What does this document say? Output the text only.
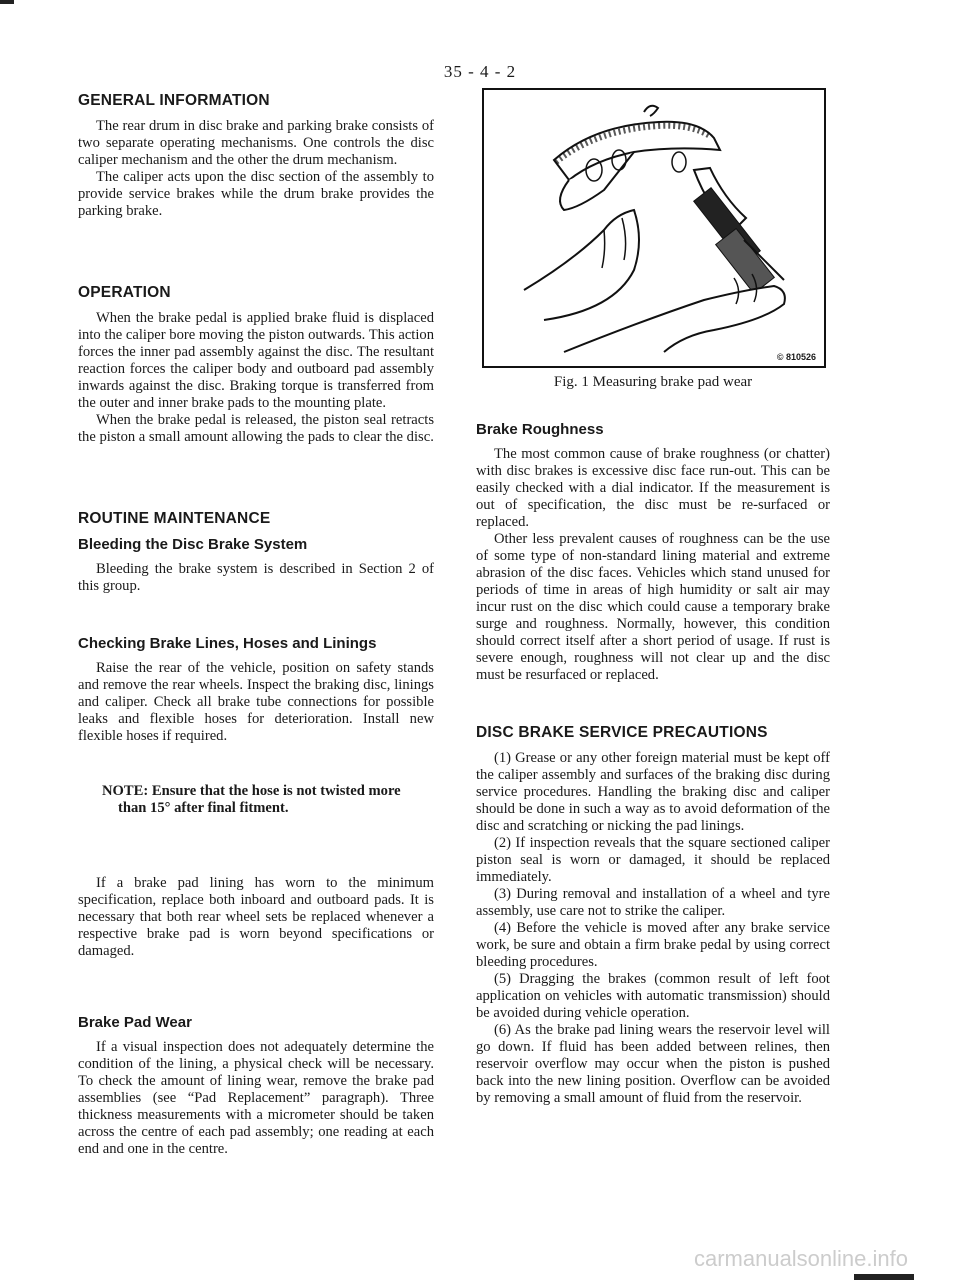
35 - 4 - 2
GENERAL INFORMATION

The rear drum in disc brake and parking brake consists of two separate operating mechanisms. One controls the disc caliper mechanism and the other the drum mechanism.

The caliper acts upon the disc section of the assembly to provide service brakes while the drum brake provides the parking brake.

OPERATION

When the brake pedal is applied brake fluid is displaced into the caliper bore moving the piston outwards. This action forces the inner pad assembly against the disc. The resultant reaction forces the caliper body and outboard pad assembly inwards against the disc. Braking torque is transferred from the outer and inner brake pads to the mounting plate.

When the brake pedal is released, the piston seal retracts the piston a small amount allowing the pads to clear the disc.

ROUTINE MAINTENANCE
Bleeding the Disc Brake System

Bleeding the brake system is described in Section 2 of this group.

Checking Brake Lines, Hoses and Linings

Raise the rear of the vehicle, position on safety stands and remove the rear wheels. Inspect the braking disc, linings and caliper. Check all brake tube connections for possible leaks and flexible hoses for deterioration. Install new flexible hoses if required.

NOTE: Ensure that the hose is not twisted more

than 15° after final fitment.

If a brake pad lining has worn to the minimum specification, replace both inboard and outboard pads. It is necessary that both rear wheel sets be replaced whenever a respective brake pad is worn beyond specifications or damaged.

Brake Pad Wear

If a visual inspection does not adequately determine the condition of the lining, a physical check will be necessary. To check the amount of lining wear, remove the brake pad assemblies (see “Pad Replacement” paragraph). Three thickness measurements with a micrometer should be taken across the centre of each pad assembly; one reading at each end and one in the centre.

© 810526
Fig. 1 Measuring brake pad wear
Brake Roughness

The most common cause of brake roughness (or chatter) with disc brakes is excessive disc face run-out. This can be easily checked with a dial indicator. If the measurement is out of specification, the disc must be re-surfaced or replaced.

Other less prevalent causes of roughness can be the use of some type of non-standard lining material and extreme abrasion of the disc faces. Vehicles which stand unused for periods of time in areas of high humidity or salt air may incur rust on the disc which could cause a temporary brake surge and roughness. Normally, however, this condition should correct itself after a short period of usage. If rust is severe enough, roughness will not clear up and the disc must be resurfaced or replaced.

DISC BRAKE SERVICE PRECAUTIONS

(1) Grease or any other foreign material must be kept off the caliper assembly and surfaces of the braking disc during service procedures. Handling the braking disc and caliper should be done in such a way as to avoid deformation of the disc and scratching or nicking the pad linings.

(2) If inspection reveals that the square sectioned caliper piston seal is worn or damaged, it should be replaced immediately.

(3) During removal and installation of a wheel and tyre assembly, use care not to strike the caliper.

(4) Before the vehicle is moved after any brake service work, be sure and obtain a firm brake pedal by using correct bleeding procedures.

(5) Dragging the brakes (common result of left foot application on vehicles with automatic transmission) should be avoided during vehicle operation.

(6) As the brake pad lining wears the reservoir level will go down. If fluid has been added between relines, then reservoir overflow may occur when the piston is pushed back into the new lining position. Overflow can be avoided by removing a small amount of fluid from the reservoir.

carmanualsonline.info
